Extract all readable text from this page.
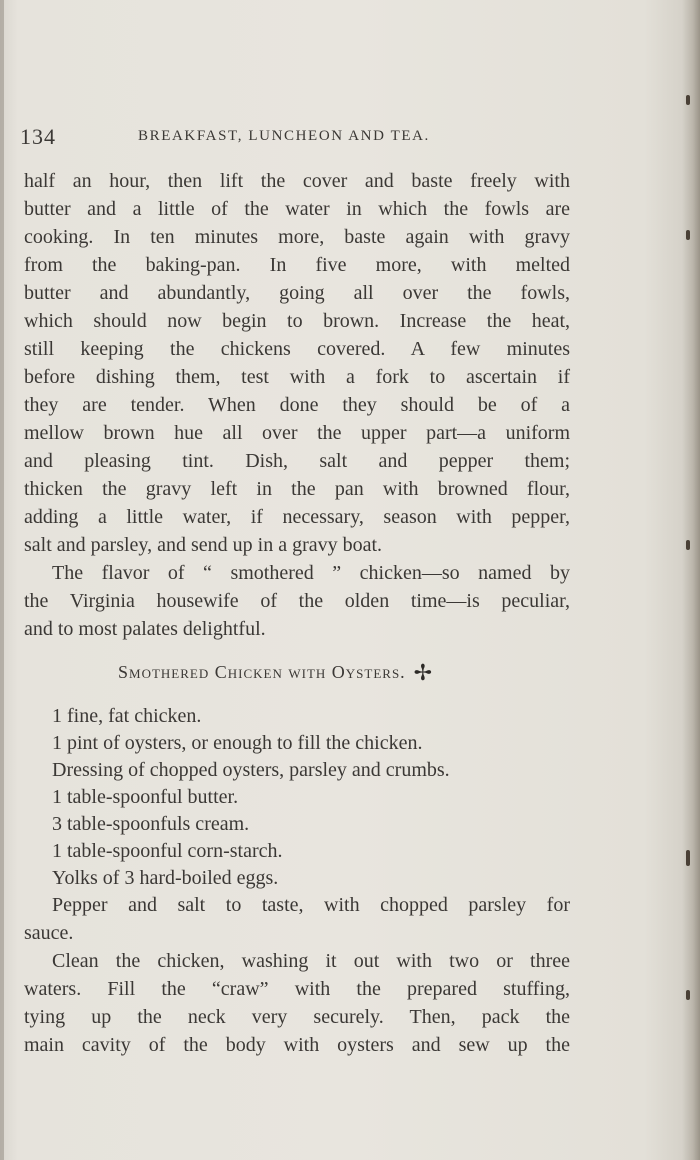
134	BREAKFAST, LUNCHEON AND TEA.
half an hour, then lift the cover and baste freely with
butter and a little of the water in which the fowls are
cooking. In ten minutes more, baste again with gravy
from the baking-pan. In five more, with melted
butter and abundantly, going all over the fowls,
which should now begin to brown. Increase the heat,
still keeping the chickens covered. A few minutes
before dishing them, test with a fork to ascertain if
they are tender. When done they should be of a
mellow brown hue all over the upper part—a uniform
and pleasing tint. Dish, salt and pepper them;
thicken the gravy left in the pan with browned flour,
adding a little water, if necessary, season with pepper,
salt and parsley, and send up in a gravy boat.
The flavor of “ smothered ” chicken—so named by
the Virginia housewife of the olden time—is peculiar,
and to most palates delightful.
Smothered Chicken with Oysters. ✢
1 fine, fat chicken.
1 pint of oysters, or enough to fill the chicken.
Dressing of chopped oysters, parsley and crumbs.
1 table-spoonful butter.
3 table-spoonfuls cream.
1 table-spoonful corn-starch.
Yolks of 3 hard-boiled eggs.
Pepper and salt to taste, with chopped parsley for
sauce.
Clean the chicken, washing it out with two or three
waters. Fill the “craw” with the prepared stuffing,
tying up the neck very securely. Then, pack the
main cavity of the body with oysters and sew up the
